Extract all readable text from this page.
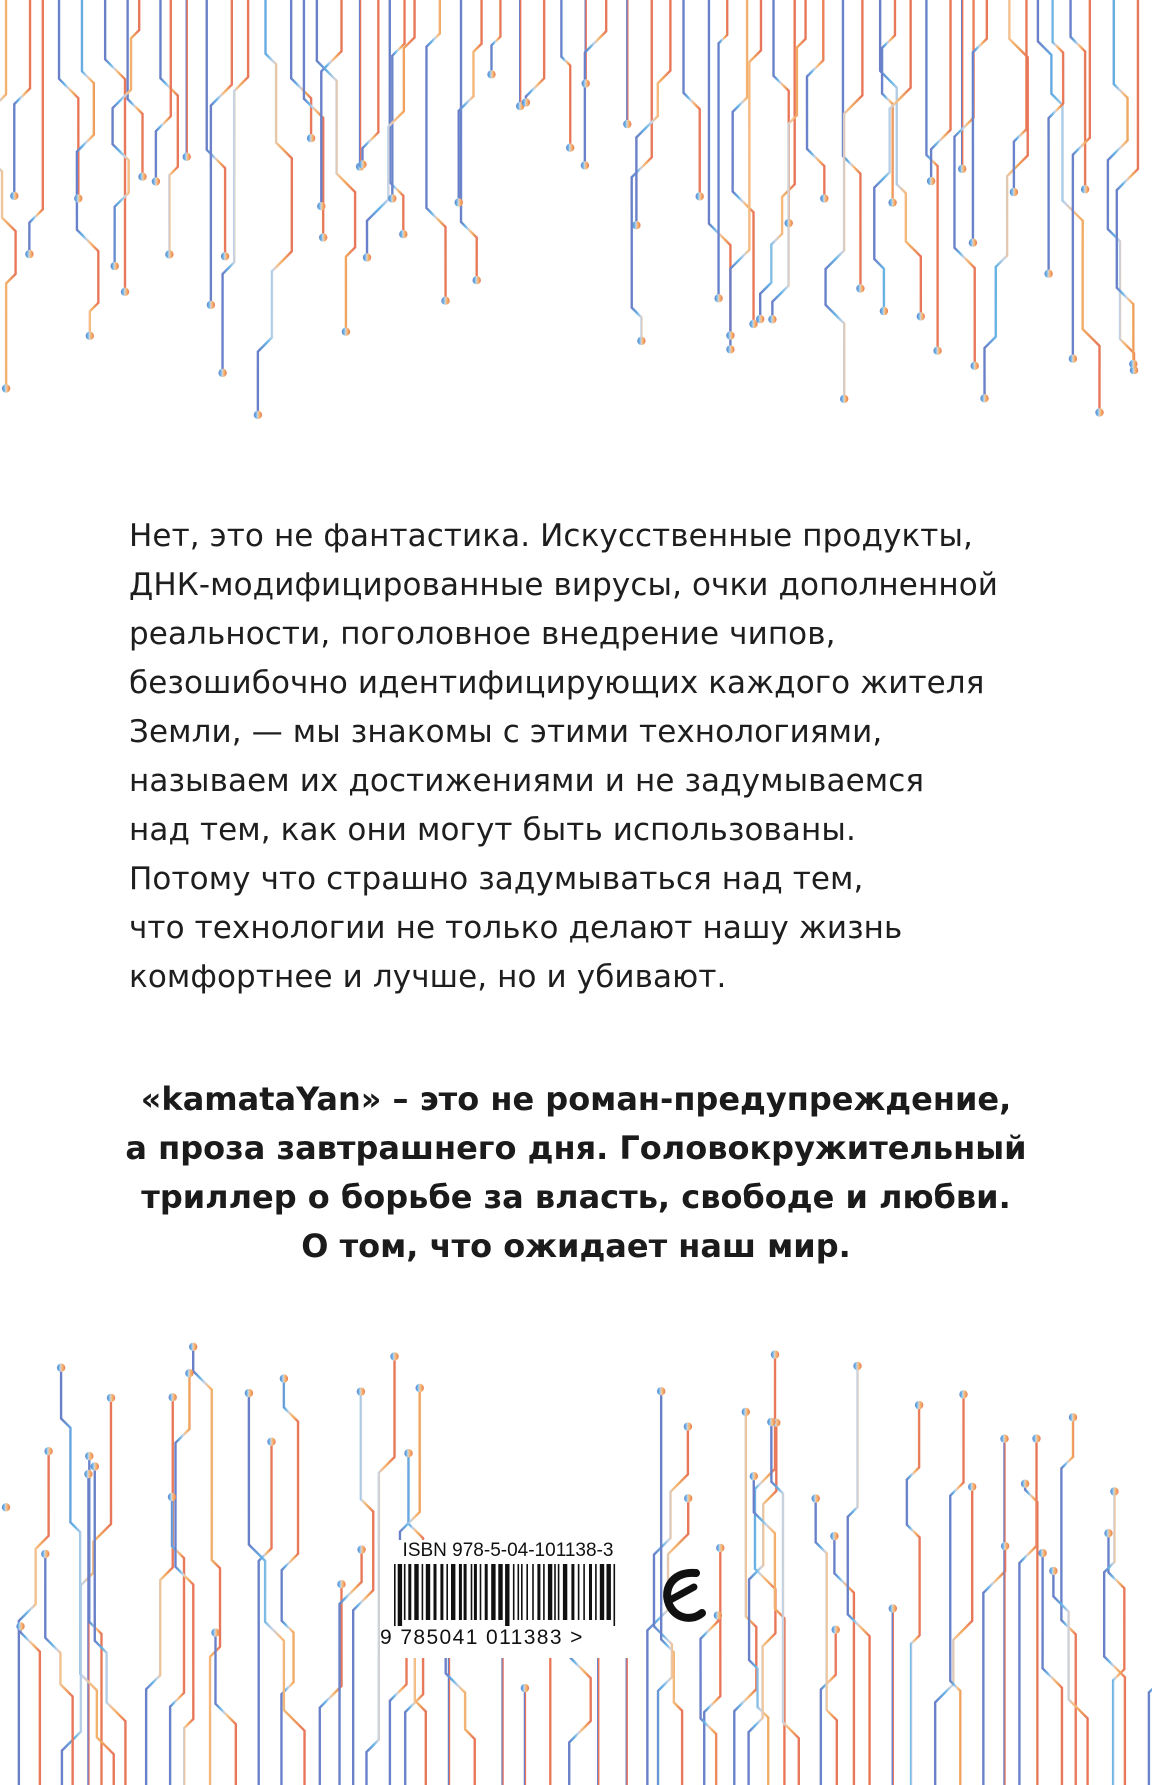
Нет, это не фантастика. Искусственные продукты,
ДНК-модифицированные вирусы, очки дополненной
реальности, поголовное внедрение чипов,
безошибочно идентифицирующих каждого жителя
Земли, — мы знакомы с этими технологиями,
называем их достижениями и не задумываемся
над тем, как они могут быть использованы.
Потому что страшно задумываться над тем,
что технологии не только делают нашу жизнь
комфортнее и лучше, но и убивают.
«kamataYan» – это не роман-предупреждение,
а проза завтрашнего дня. Головокружительный
триллер о борьбе за власть, свободе и любви.
О том, что ожидает наш мир.
ISBN 978-5-04-101138-3
9 785041 011383 >
